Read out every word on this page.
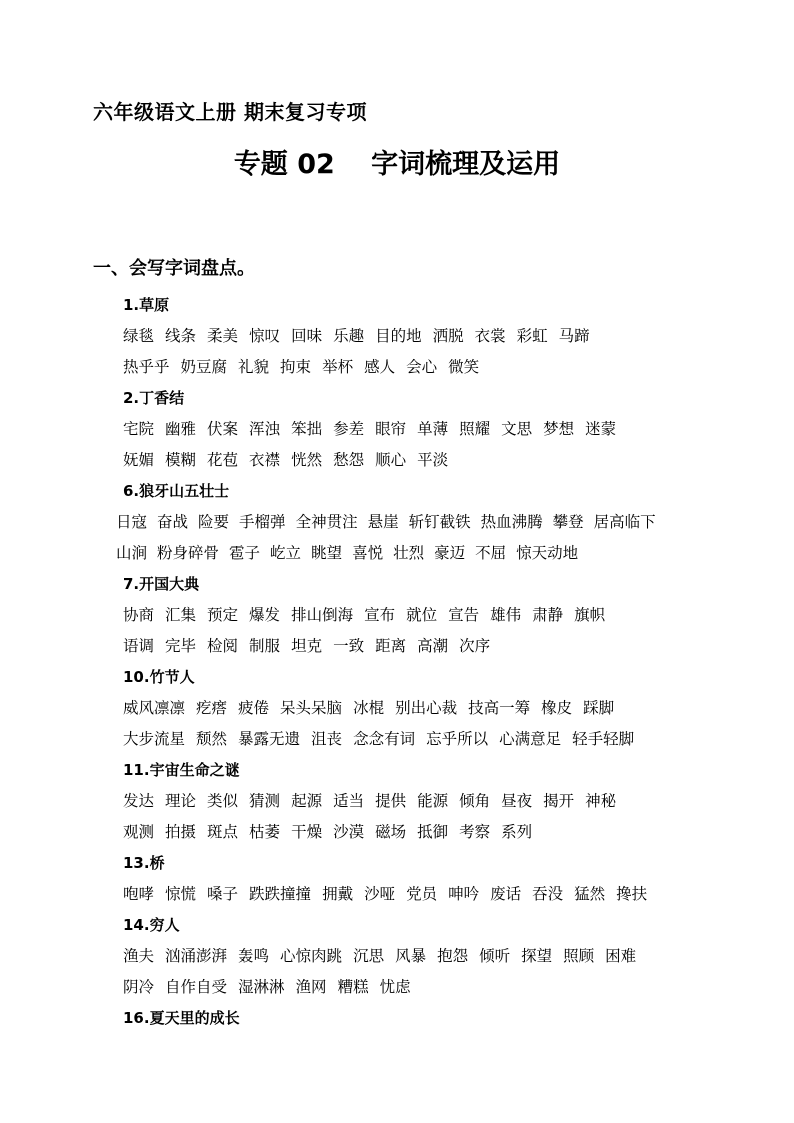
六年级语文上册 期末复习专项
专题 02　 字词梳理及运用
一、会写字词盘点。
1.草原
绿毯 线条 柔美 惊叹 回味 乐趣 目的地 洒脱 衣裳 彩虹 马蹄
热乎乎 奶豆腐 礼貌 拘束 举杯 感人 会心 微笑
2.丁香结
宅院 幽雅 伏案 浑浊 笨拙 参差 眼帘 单薄 照耀 文思 梦想 迷蒙
妩媚 模糊 花苞 衣襟 恍然 愁怨 顺心 平淡
6.狼牙山五壮士
日寇 奋战 险要 手榴弹 全神贯注 悬崖 斩钉截铁 热血沸腾 攀登 居高临下
山涧 粉身碎骨 雹子 屹立 眺望 喜悦 壮烈 豪迈 不屈 惊天动地
7.开国大典
协商 汇集 预定 爆发 排山倒海 宣布 就位 宣告 雄伟 肃静 旗帜
语调 完毕 检阅 制服 坦克 一致 距离 高潮 次序
10.竹节人
威风凛凛 疙瘩 疲倦 呆头呆脑 冰棍 别出心裁 技高一筹 橡皮 踩脚
大步流星 颓然 暴露无遗 沮丧 念念有词 忘乎所以 心满意足 轻手轻脚
11.宇宙生命之谜
发达 理论 类似 猜测 起源 适当 提供 能源 倾角 昼夜 揭开 神秘
观测 拍摄 斑点 枯萎 干燥 沙漠 磁场 抵御 考察 系列
13.桥
咆哮 惊慌 嗓子 跌跌撞撞 拥戴 沙哑 党员 呻吟 废话 吞没 猛然 搀扶
14.穷人
渔夫 汹涌澎湃 轰鸣 心惊肉跳 沉思 风暴 抱怨 倾听 探望 照顾 困难
阴冷 自作自受 湿淋淋 渔网 糟糕 忧虑
16.夏天里的成长
